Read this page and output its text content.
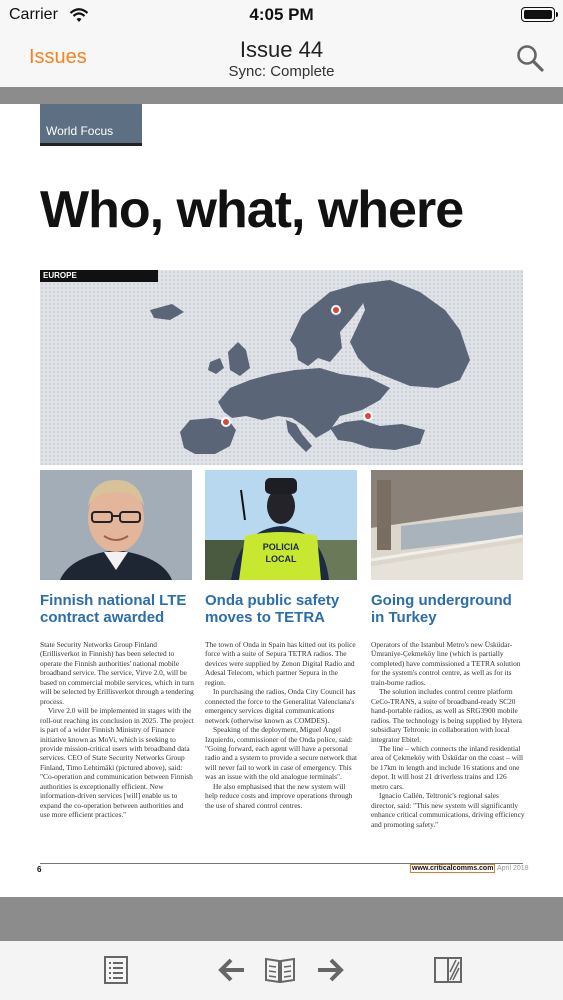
Carrier	4:05 PM
Issues	Issue 44
Sync: Complete
World Focus
Who, what, where
EUROPE
POLICIA
LOCAL
Finnish national LTE contract awarded
Onda public safety moves to TETRA
Going underground in Turkey

State Security Networks Group Finland (Erillisverkot in Finnish) has been selected to operate the Finnish authorities' national mobile broadband service. The service, Virve 2.0, will be based on commercial mobile services, which in turn will be selected by Erillisverkot through a tendering process.

Virve 2.0 will be implemented in stages with the roll-out reaching its conclusion in 2025. The project is part of a wider Finnish Ministry of Finance initiative known as MoVi, which is seeking to provide mission-critical users with broadband data services. CEO of State Security Networks Group Finland, Timo Lehtimäki (pictured above), said: "Co-operation and communication between Finnish authorities is exceptionally efficient. New information-driven services [will] enable us to expand the co-operation between authorities and use more efficient practices."

The town of Onda in Spain has kitted out its police force with a suite of Sepura TETRA radios. The devices were supplied by Zenon Digital Radio and Adesal Telecom, which partner Sepura in the region.

In purchasing the radios, Onda City Council has connected the force to the Generalitat Valenciana's emergency services digital communications network (otherwise known as COMDES).

Speaking of the deployment, Miguel Ángel Izquierdo, commissioner of the Onda police, said: "Going forward, each agent will have a personal radio and a system to provide a secure network that will never fail to work in case of emergency. This was an issue with the old analogue terminals".

He also emphasised that the new system will help reduce costs and improve operations through the use of shared control centres.

Operators of the Istanbul Metro's new Üsküdar-Ümraniye-Çekmeköy line (which is partially completed) have commissioned a TETRA solution for the system's control centre, as well as for its train-borne radios.

The solution includes control centre platform CeCo-TRANS, a suite of broadband-ready SC20 hand-portable radios, as well as SRG3900 mobile radios. The technology is being supplied by Hytera subsidiary Teltronic in collaboration with local integrator Ebitel.

The line – which connects the inland residential area of Çekmeköy with Üsküdar on the coast – will be 17km in length and include 16 stations and one depot. It will host 21 driverless trains and 126 metro cars.

Ignacio Callén, Teltronic's regional sales director, said: "This new system will significantly enhance critical communications, driving efficiency and promoting safety."

6	www.criticalcomms.com April 2018
